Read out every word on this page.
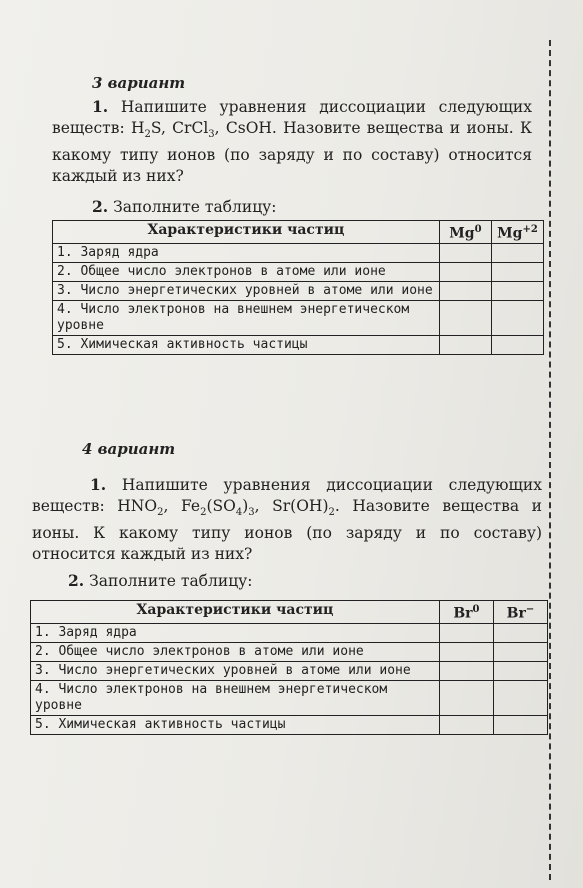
3 вариант
1. Напишите уравнения диссоциации следующих веществ: $H_2S$, CrCl$_3$, CsOH. Назовите вещества и ионы. К какому типу ионов (по заряду и по составу) относится каждый из них?
2. Заполните таблицу:
Характеристики частиц	Mg$^0$	$Mg^{+2}$
1. Заряд ядра		
2. Общее число электронов в атоме или ионе		
3. Число энергетических уровней в атоме или ионе		
4. Число электронов на внешнем энергетическом уровне		
5. Химическая активность частицы		
4 вариант
1. Напишите уравнения диссоциации следующих веществ: $HNO_2$, $Fe_2(SO_4)_3$, $Sr(OH)_2$. Назовите вещества и ионы. К какому типу ионов (по заряду и по составу) относится каждый из них?
2. Заполните таблицу:
Характеристики частиц	Br$^0$	Br−
1. Заряд ядра		
2. Общее число электронов в атоме или ионе		
3. Число энергетических уровней в атоме или ионе		
4. Число электронов на внешнем энергетическом уровне		
5. Химическая активность частицы		
